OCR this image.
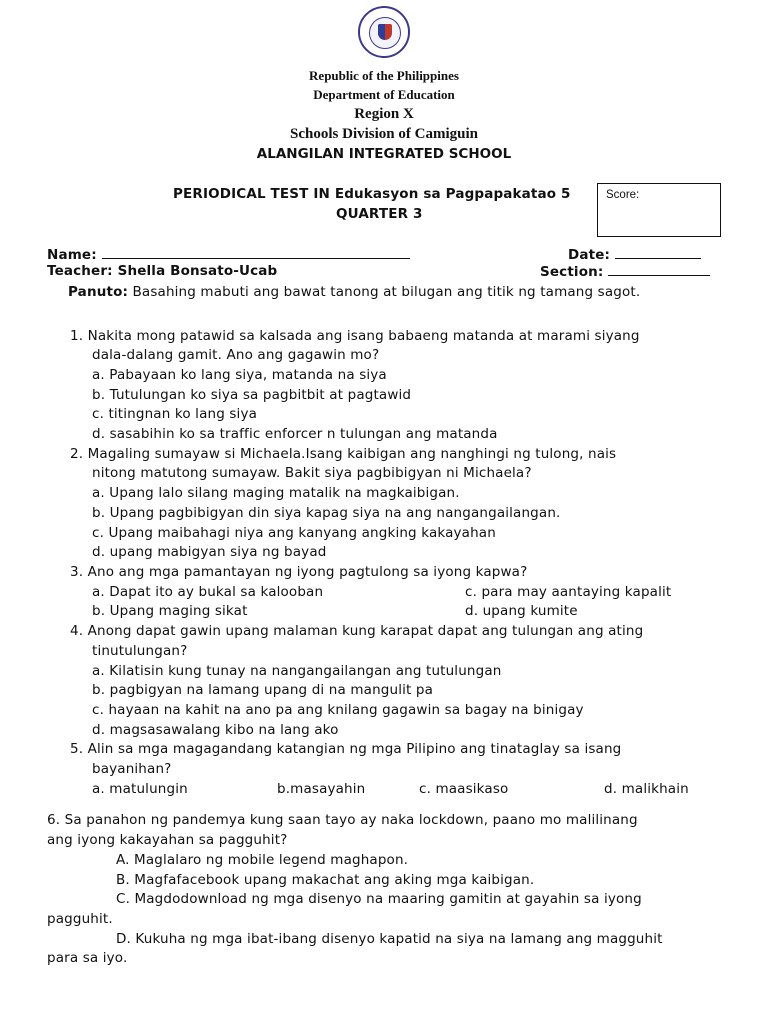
Republic of the Philippines
Department of Education
Region X
Schools Division of Camiguin
ALANGILAN INTEGRATED SCHOOL
PERIODICAL TEST IN Edukasyon sa Pagpapakatao 5
QUARTER 3
Score:
Name:	Date:
Teacher: Shella Bonsato-Ucab	Section:
Panuto: Basahing mabuti ang bawat tanong at bilugan ang titik ng tamang sagot.
1. Nakita mong patawid sa kalsada ang isang babaeng matanda at marami siyang
dala-dalang gamit. Ano ang gagawin mo?
a. Pabayaan ko lang siya, matanda na siya
b. Tutulungan ko siya sa pagbitbit at pagtawid
c. titingnan ko lang siya
d. sasabihin ko sa traffic enforcer n tulungan ang matanda
2. Magaling sumayaw si Michaela.Isang kaibigan ang nanghingi ng tulong, nais
nitong matutong sumayaw. Bakit siya pagbibigyan ni Michaela?
a. Upang lalo silang maging matalik na magkaibigan.
b. Upang pagbibigyan din siya kapag siya na ang nangangailangan.
c. Upang maibahagi niya ang kanyang angking kakayahan
d. upang mabigyan siya ng bayad
3. Ano ang mga pamantayan ng iyong pagtulong sa iyong kapwa?
a. Dapat ito ay bukal sa kalooban	c. para may aantaying kapalit
b. Upang maging sikat	d. upang kumite
4. Anong dapat gawin upang malaman kung karapat dapat ang tulungan ang ating
tinutulungan?
a. Kilatisin kung tunay na nangangailangan ang tutulungan
b. pagbigyan na lamang upang di na mangulit pa
c. hayaan na kahit na ano pa ang knilang gagawin sa bagay na binigay
d. magsasawalang kibo na lang ako
5. Alin sa mga magagandang katangian ng mga Pilipino ang tinataglay sa isang
bayanihan?
a. matulungin	b.masayahin	c. maasikaso	d. malikhain
6. Sa panahon ng pandemya kung saan tayo ay naka lockdown, paano mo malilinang
ang iyong kakayahan sa pagguhit?
A. Maglalaro ng mobile legend maghapon.
B. Magfafacebook upang makachat ang aking mga kaibigan.
C. Magdodownload ng mga disenyo na maaring gamitin at gayahin sa iyong
pagguhit.
D. Kukuha ng mga ibat-ibang disenyo kapatid na siya na lamang ang magguhit
para sa iyo.
